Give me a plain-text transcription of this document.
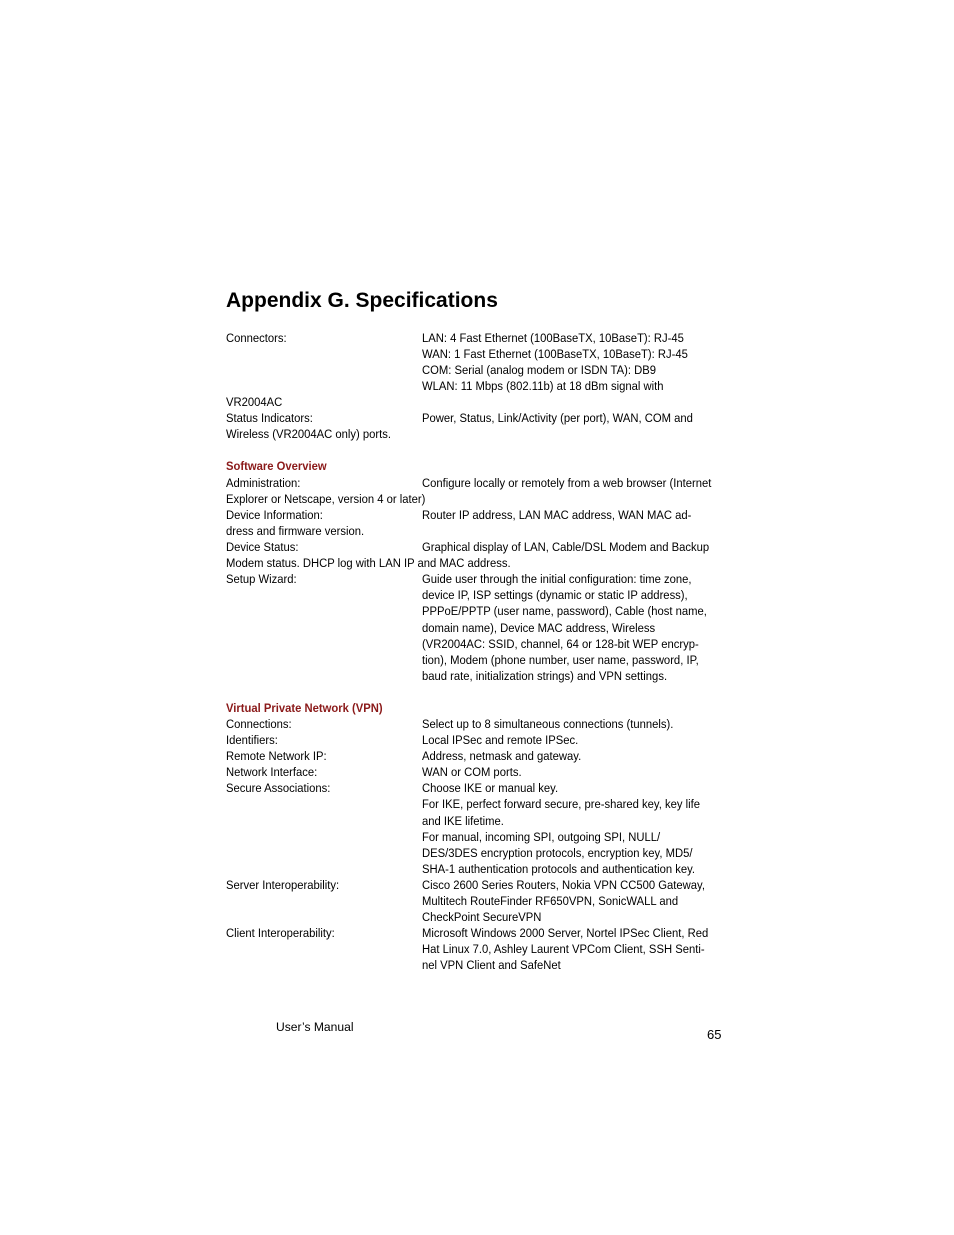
Appendix G. Specifications
Connectors:	LAN: 4 Fast Ethernet (100BaseTX, 10BaseT): RJ-45
WAN: 1 Fast Ethernet (100BaseTX, 10BaseT): RJ-45
COM: Serial (analog modem or ISDN TA): DB9
WLAN: 11 Mbps (802.11b) at 18 dBm signal with
VR2004AC
Status Indicators:	Power, Status, Link/Activity (per port), WAN, COM and
Wireless (VR2004AC only) ports.
Software Overview
Administration:	Configure locally or remotely from a web browser (Internet
Explorer or Netscape, version 4 or later)
Device Information:	Router IP address, LAN MAC address, WAN MAC ad-
dress and firmware version.
Device Status:	Graphical display of LAN, Cable/DSL Modem and Backup
Modem status. DHCP log with LAN IP and MAC address.
Setup Wizard:	Guide user through the initial configuration: time zone,
device IP, ISP settings (dynamic or static IP address),
PPPoE/PPTP (user name, password), Cable (host name,
domain name), Device MAC address, Wireless
(VR2004AC: SSID, channel, 64 or 128-bit WEP encryp-
tion), Modem (phone number, user name, password, IP,
baud rate, initialization strings) and VPN settings.
Virtual Private Network (VPN)
Connections:	Select up to 8 simultaneous connections (tunnels).
Identifiers:	Local IPSec and remote IPSec.
Remote Network IP:	Address, netmask and gateway.
Network Interface:	WAN or COM ports.
Secure Associations:	Choose IKE or manual key.
For IKE, perfect forward secure, pre-shared key, key life
and IKE lifetime.
For manual, incoming SPI, outgoing SPI, NULL/
DES/3DES encryption protocols, encryption key, MD5/
SHA-1 authentication protocols and authentication key.
Server Interoperability:	Cisco 2600 Series Routers, Nokia VPN CC500 Gateway,
Multitech RouteFinder RF650VPN, SonicWALL and
CheckPoint SecureVPN
Client Interoperability:	Microsoft Windows 2000 Server, Nortel IPSec Client, Red
Hat Linux 7.0, Ashley Laurent VPCom Client, SSH Senti-
nel VPN Client and SafeNet
User’s Manual	65
